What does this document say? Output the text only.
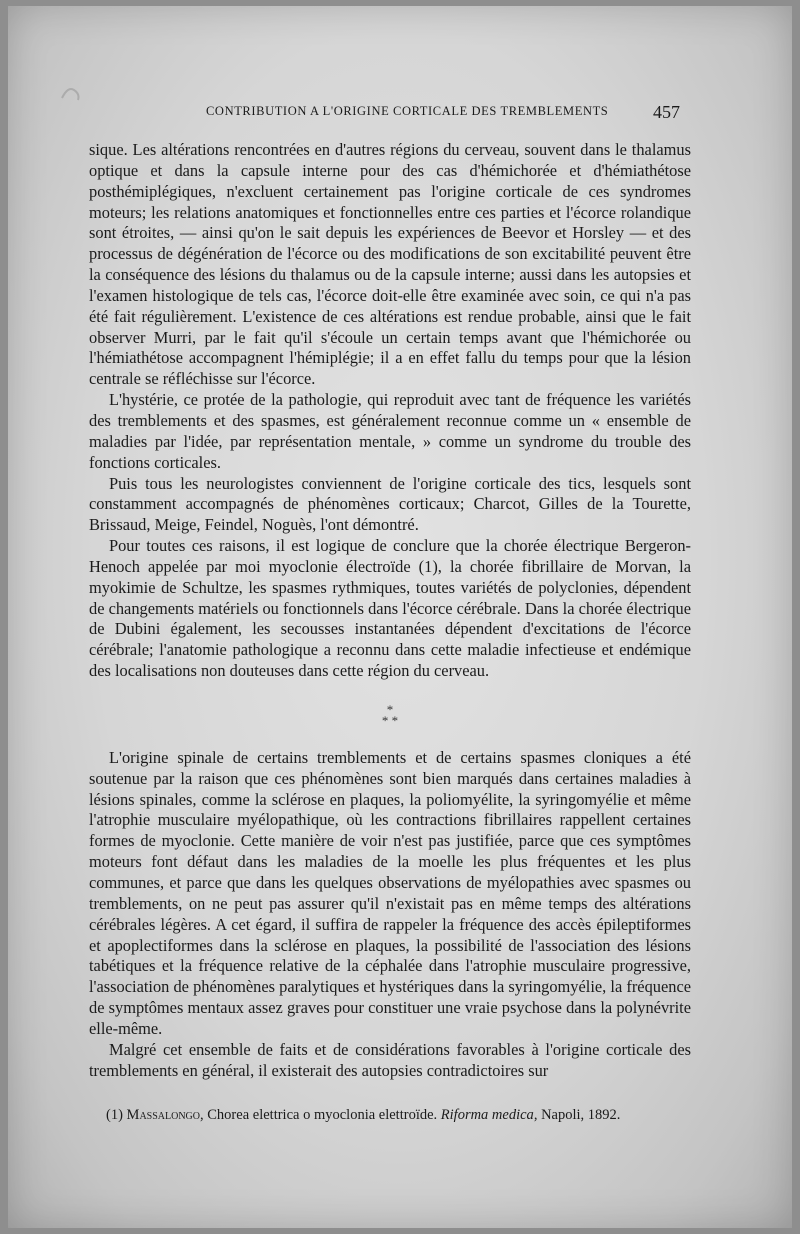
CONTRIBUTION A L'ORIGINE CORTICALE DES TREMBLEMENTS 457

sique. Les altérations rencontrées en d'autres régions du cerveau, souvent dans le thalamus optique et dans la capsule interne pour des cas d'hémichorée et d'hémiathétose posthémiplégiques, n'excluent certainement pas l'origine corticale de ces syndromes moteurs; les relations anatomiques et fonctionnelles entre ces parties et l'écorce rolandique sont étroites, — ainsi qu'on le sait depuis les expériences de Beevor et Horsley — et des processus de dégénération de l'écorce ou des modifications de son excitabilité peuvent être la conséquence des lésions du thalamus ou de la capsule interne; aussi dans les autopsies et l'examen histologique de tels cas, l'écorce doit-elle être examinée avec soin, ce qui n'a pas été fait régulièrement. L'existence de ces altérations est rendue probable, ainsi que le fait observer Murri, par le fait qu'il s'écoule un certain temps avant que l'hémichorée ou l'hémiathétose accompagnent l'hémiplégie; il a en effet fallu du temps pour que la lésion centrale se réfléchisse sur l'écorce.

L'hystérie, ce protée de la pathologie, qui reproduit avec tant de fréquence les variétés des tremblements et des spasmes, est généralement reconnue comme un « ensemble de maladies par l'idée, par représentation mentale, » comme un syndrome du trouble des fonctions corticales.

Puis tous les neurologistes conviennent de l'origine corticale des tics, lesquels sont constamment accompagnés de phénomènes corticaux; Charcot, Gilles de la Tourette, Brissaud, Meige, Feindel, Noguès, l'ont démontré.

Pour toutes ces raisons, il est logique de conclure que la chorée électrique Bergeron-Henoch appelée par moi myoclonie électroïde (1), la chorée fibrillaire de Morvan, la myokimie de Schultze, les spasmes rythmiques, toutes variétés de polyclonies, dépendent de changements matériels ou fonctionnels dans l'écorce cérébrale. Dans la chorée électrique de Dubini également, les secousses instantanées dépendent d'excitations de l'écorce cérébrale; l'anatomie pathologique a reconnu dans cette maladie infectieuse et endémique des localisations non douteuses dans cette région du cerveau.

*
* *

L'origine spinale de certains tremblements et de certains spasmes cloniques a été soutenue par la raison que ces phénomènes sont bien marqués dans certaines maladies à lésions spinales, comme la sclérose en plaques, la poliomyélite, la syringomyélie et même l'atrophie musculaire myélopathique, où les contractions fibrillaires rappellent certaines formes de myoclonie. Cette manière de voir n'est pas justifiée, parce que ces symptômes moteurs font défaut dans les maladies de la moelle les plus fréquentes et les plus communes, et parce que dans les quelques observations de myélopathies avec spasmes ou tremblements, on ne peut pas assurer qu'il n'existait pas en même temps des altérations cérébrales légères. A cet égard, il suffira de rappeler la fréquence des accès épileptiformes et apoplectiformes dans la sclérose en plaques, la possibilité de l'association des lésions tabétiques et la fréquence relative de la céphalée dans l'atrophie musculaire progressive, l'association de phénomènes paralytiques et hystériques dans la syringomyélie, la fréquence de symptômes mentaux assez graves pour constituer une vraie psychose dans la polynévrite elle-même.

Malgré cet ensemble de faits et de considérations favorables à l'origine corticale des tremblements en général, il existerait des autopsies contradictoires sur

(1) Massalongo, Chorea elettrica o myoclonia elettroïde. Riforma medica, Napoli, 1892.
